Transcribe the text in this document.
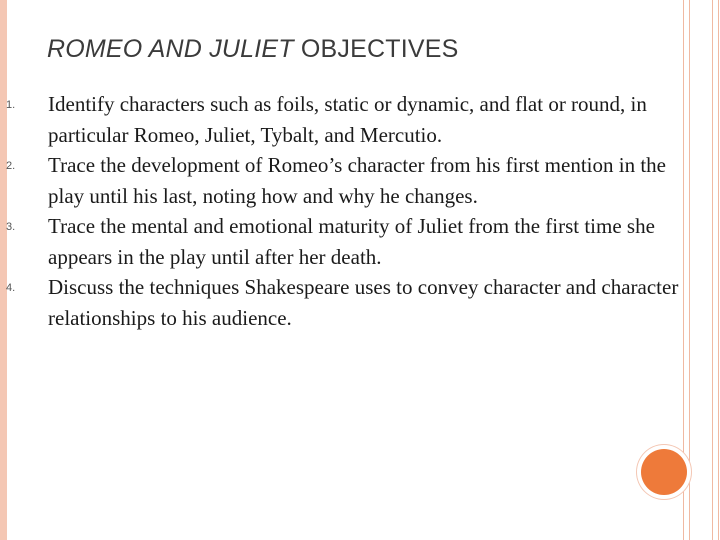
ROMEO AND JULIET OBJECTIVES
1. Identify characters such as foils, static or dynamic, and flat or round, in particular Romeo, Juliet, Tybalt, and Mercutio.
2. Trace the development of Romeo’s character from his first mention in the play until his last, noting how and why he changes.
3. Trace the mental and emotional maturity of Juliet from the first time she appears in the play until after her death.
4. Discuss the techniques Shakespeare uses to convey character and character relationships to his audience.
